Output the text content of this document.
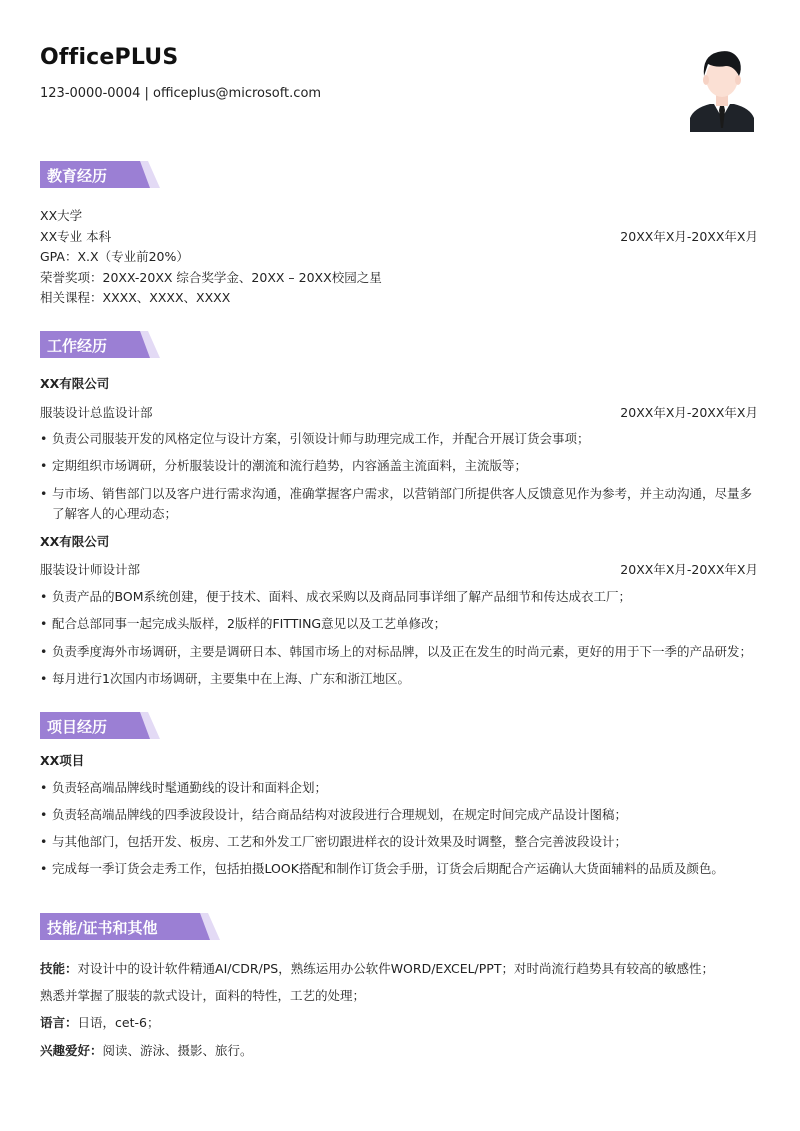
OfficePLUS
123-0000-0004 | officeplus@microsoft.com
教育经历
XX大学
XX专业 本科	20XX年X月-20XX年X月
GPA：X.X（专业前20%）
荣誉奖项：20XX-20XX 综合奖学金、20XX – 20XX校园之星
相关课程：XXXX、XXXX、XXXX
工作经历
XX有限公司
服装设计总监设计部	20XX年X月-20XX年X月
• 负责公司服装开发的风格定位与设计方案，引领设计师与助理完成工作，并配合开展订货会事项；
• 定期组织市场调研，分析服装设计的潮流和流行趋势，内容涵盖主流面料，主流版等；
• 与市场、销售部门以及客户进行需求沟通，准确掌握客户需求，以营销部门所提供客人反馈意见作为参考，并主动沟通，尽量多了解客人的心理动态；
XX有限公司
服装设计师设计部	20XX年X月-20XX年X月
• 负责产品的BOM系统创建，便于技术、面料、成衣采购以及商品同事详细了解产品细节和传达成衣工厂；
• 配合总部同事一起完成头版样，2版样的FITTING意见以及工艺单修改；
• 负责季度海外市场调研，主要是调研日本、韩国市场上的对标品牌，以及正在发生的时尚元素，更好的用于下一季的产品研发；
• 每月进行1次国内市场调研，主要集中在上海、广东和浙江地区。
项目经历
XX项目
• 负责轻高端品牌线时髦通勤线的设计和面料企划；
• 负责轻高端品牌线的四季波段设计，结合商品结构对波段进行合理规划，在规定时间完成产品设计图稿；
• 与其他部门，包括开发、板房、工艺和外发工厂密切跟进样衣的设计效果及时调整，整合完善波段设计；
• 完成每一季订货会走秀工作，包括拍摄LOOK搭配和制作订货会手册，订货会后期配合产运确认大货面辅料的品质及颜色。
技能/证书和其他
技能：对设计中的设计软件精通AI/CDR/PS，熟练运用办公软件WORD/EXCEL/PPT；对时尚流行趋势具有较高的敏感性；
熟悉并掌握了服装的款式设计，面料的特性，工艺的处理；
语言：日语，cet-6；
兴趣爱好：阅读、游泳、摄影、旅行。
